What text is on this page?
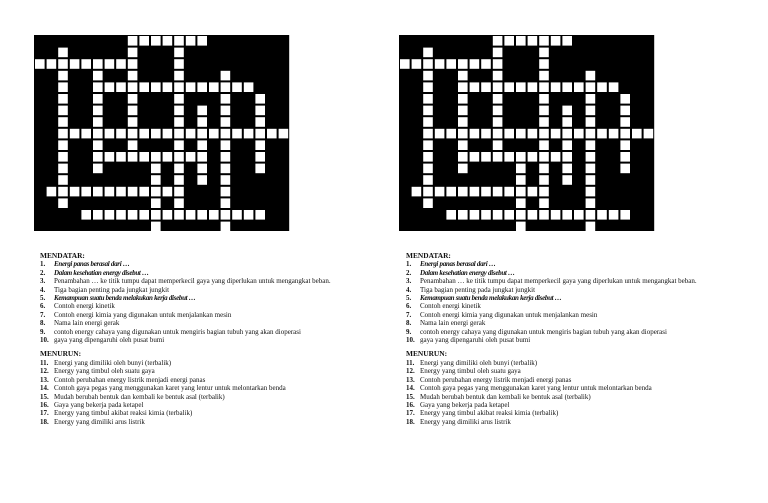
MENDATAR:

1.	Energi panas berasal dari …
2.	Dalam kesehatian energy disebut …
3.	Penambahan … ke titik tumpu dapat memperkecil gaya yang diperlukan untuk mengangkat beban.
4.	Tiga bagian penting pada jungkat jungkit
5.	Kemampuan suatu benda melakukan kerja disebut …
6.	Contoh energi kinetik
7.	Contoh energi kimia yang digunakan untuk menjalankan mesin
8.	Nama lain energi gerak
9.	contoh energy cahaya yang digunakan untuk mengiris bagian tubuh yang akan dioperasi
10. gaya yang dipengaruhi oleh pusat bumi

MENURUN:

11. Energi yang dimiliki oleh bunyi (terbalik)
12. Energy yang timbul oleh suatu gaya
13. Contoh perubahan energy listrik menjadi energi panas
14. Contoh gaya pegas yang menggunakan karet yang lentur untuk melontarkan benda
15. Mudah berubah bentuk dan kembali ke bentuk asal (terbalik)
16. Gaya yang bekerja pada ketapel
17. Energy yang timbul akibat reaksi kimia (terbalik)
18. Energy yang dimiliki arus listrik

MENDATAR:

1.	Energi panas berasal dari …
2.	Dalam kesehatian energy disebut …
3.	Penambahan … ke titik tumpu dapat memperkecil gaya yang diperlukan untuk mengangkat beban.
4.	Tiga bagian penting pada jungkat jungkit
5.	Kemampuan suatu benda melakukan kerja disebut …
6.	Contoh energi kinetik
7.	Contoh energi kimia yang digunakan untuk menjalankan mesin
8.	Nama lain energi gerak
9.	contoh energy cahaya yang digunakan untuk mengiris bagian tubuh yang akan dioperasi
10. gaya yang dipengaruhi oleh pusat bumi

MENURUN:

11. Energi yang dimiliki oleh bunyi (terbalik)
12. Energy yang timbul oleh suatu gaya
13. Contoh perubahan energy listrik menjadi energi panas
14. Contoh gaya pegas yang menggunakan karet yang lentur untuk melontarkan benda
15. Mudah berubah bentuk dan kembali ke bentuk asal (terbalik)
16. Gaya yang bekerja pada ketapel
17. Energy yang timbul akibat reaksi kimia (terbalik)
18. Energy yang dimiliki arus listrik
